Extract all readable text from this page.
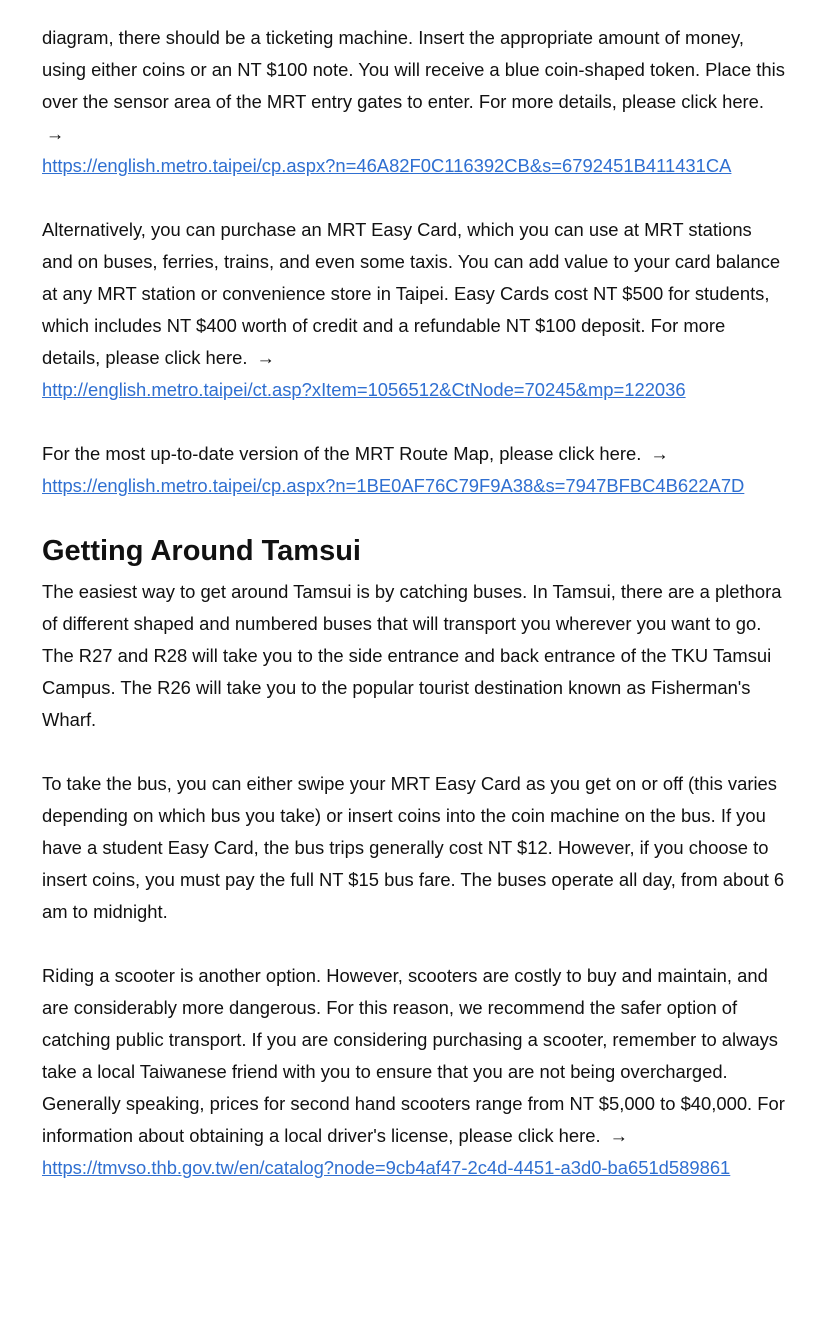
diagram, there should be a ticketing machine. Insert the appropriate amount of money, using either coins or an NT $100 note. You will receive a blue coin-shaped token. Place this over the sensor area of the MRT entry gates to enter. For more details, please click here. →
https://english.metro.taipei/cp.aspx?n=46A82F0C116392CB&s=6792451B411431CA

Alternatively, you can purchase an MRT Easy Card, which you can use at MRT stations and on buses, ferries, trains, and even some taxis. You can add value to your card balance at any MRT station or convenience store in Taipei. Easy Cards cost NT $500 for students, which includes NT $400 worth of credit and a refundable NT $100 deposit. For more details, please click here. →
http://english.metro.taipei/ct.asp?xItem=1056512&CtNode=70245&mp=122036

For the most up-to-date version of the MRT Route Map, please click here. →
https://english.metro.taipei/cp.aspx?n=1BE0AF76C79F9A38&s=7947BFBC4B622A7D

Getting Around Tamsui

The easiest way to get around Tamsui is by catching buses. In Tamsui, there are a plethora of different shaped and numbered buses that will transport you wherever you want to go. The R27 and R28 will take you to the side entrance and back entrance of the TKU Tamsui Campus. The R26 will take you to the popular tourist destination known as Fisherman's Wharf.

To take the bus, you can either swipe your MRT Easy Card as you get on or off (this varies depending on which bus you take) or insert coins into the coin machine on the bus. If you have a student Easy Card, the bus trips generally cost NT $12. However, if you choose to insert coins, you must pay the full NT $15 bus fare. The buses operate all day, from about 6 am to midnight.

Riding a scooter is another option. However, scooters are costly to buy and maintain, and are considerably more dangerous. For this reason, we recommend the safer option of catching public transport. If you are considering purchasing a scooter, remember to always take a local Taiwanese friend with you to ensure that you are not being overcharged. Generally speaking, prices for second hand scooters range from NT $5,000 to $40,000. For information about obtaining a local driver's license, please click here. → https://tmvso.thb.gov.tw/en/catalog?node=9cb4af47-2c4d-4451-a3d0-ba651d589861
